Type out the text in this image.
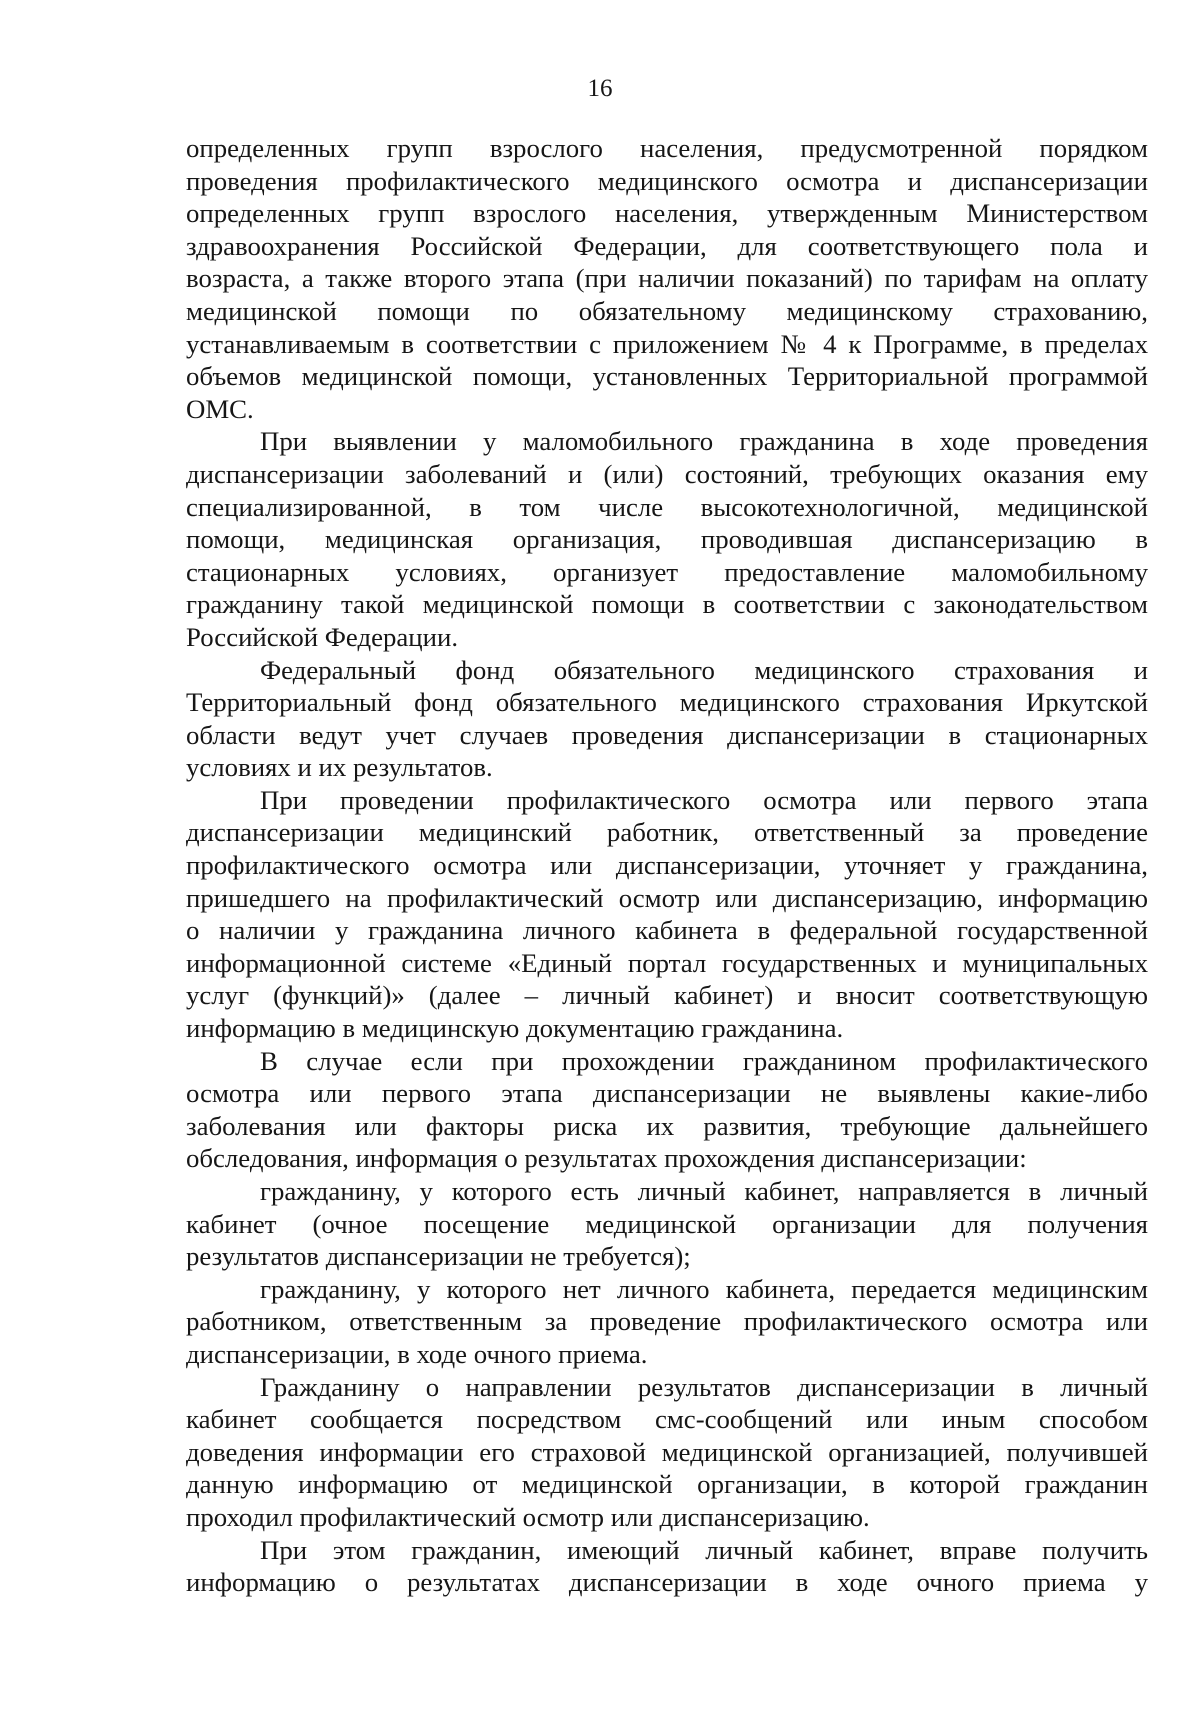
16

определенных групп взрослого населения, предусмотренной порядком
проведения профилактического медицинского осмотра и диспансеризации
определенных групп взрослого населения, утвержденным Министерством
здравоохранения Российской Федерации, для соответствующего пола и
возраста, а также второго этапа (при наличии показаний) по тарифам на оплату
медицинской помощи по обязательному медицинскому страхованию,
устанавливаемым в соответствии с приложением № 4 к Программе, в пределах
объемов медицинской помощи, установленных Территориальной программой
ОМС.

При выявлении у маломобильного гражданина в ходе проведения
диспансеризации заболеваний и (или) состояний, требующих оказания ему
специализированной, в том числе высокотехнологичной, медицинской
помощи, медицинская организация, проводившая диспансеризацию в
стационарных условиях, организует предоставление маломобильному
гражданину такой медицинской помощи в соответствии с законодательством
Российской Федерации.

Федеральный фонд обязательного медицинского страхования и
Территориальный фонд обязательного медицинского страхования Иркутской
области ведут учет случаев проведения диспансеризации в стационарных
условиях и их результатов.

При проведении профилактического осмотра или первого этапа
диспансеризации медицинский работник, ответственный за проведение
профилактического осмотра или диспансеризации, уточняет у гражданина,
пришедшего на профилактический осмотр или диспансеризацию, информацию
о наличии у гражданина личного кабинета в федеральной государственной
информационной системе «Единый портал государственных и муниципальных
услуг (функций)» (далее – личный кабинет) и вносит соответствующую
информацию в медицинскую документацию гражданина.

В случае если при прохождении гражданином профилактического
осмотра или первого этапа диспансеризации не выявлены какие-либо
заболевания или факторы риска их развития, требующие дальнейшего
обследования, информация о результатах прохождения диспансеризации:

гражданину, у которого есть личный кабинет, направляется в личный
кабинет (очное посещение медицинской организации для получения
результатов диспансеризации не требуется);

гражданину, у которого нет личного кабинета, передается медицинским
работником, ответственным за проведение профилактического осмотра или
диспансеризации, в ходе очного приема.

Гражданину о направлении результатов диспансеризации в личный
кабинет сообщается посредством смс-сообщений или иным способом
доведения информации его страховой медицинской организацией, получившей
данную информацию от медицинской организации, в которой гражданин
проходил профилактический осмотр или диспансеризацию.

При этом гражданин, имеющий личный кабинет, вправе получить
информацию о результатах диспансеризации в ходе очного приема у
